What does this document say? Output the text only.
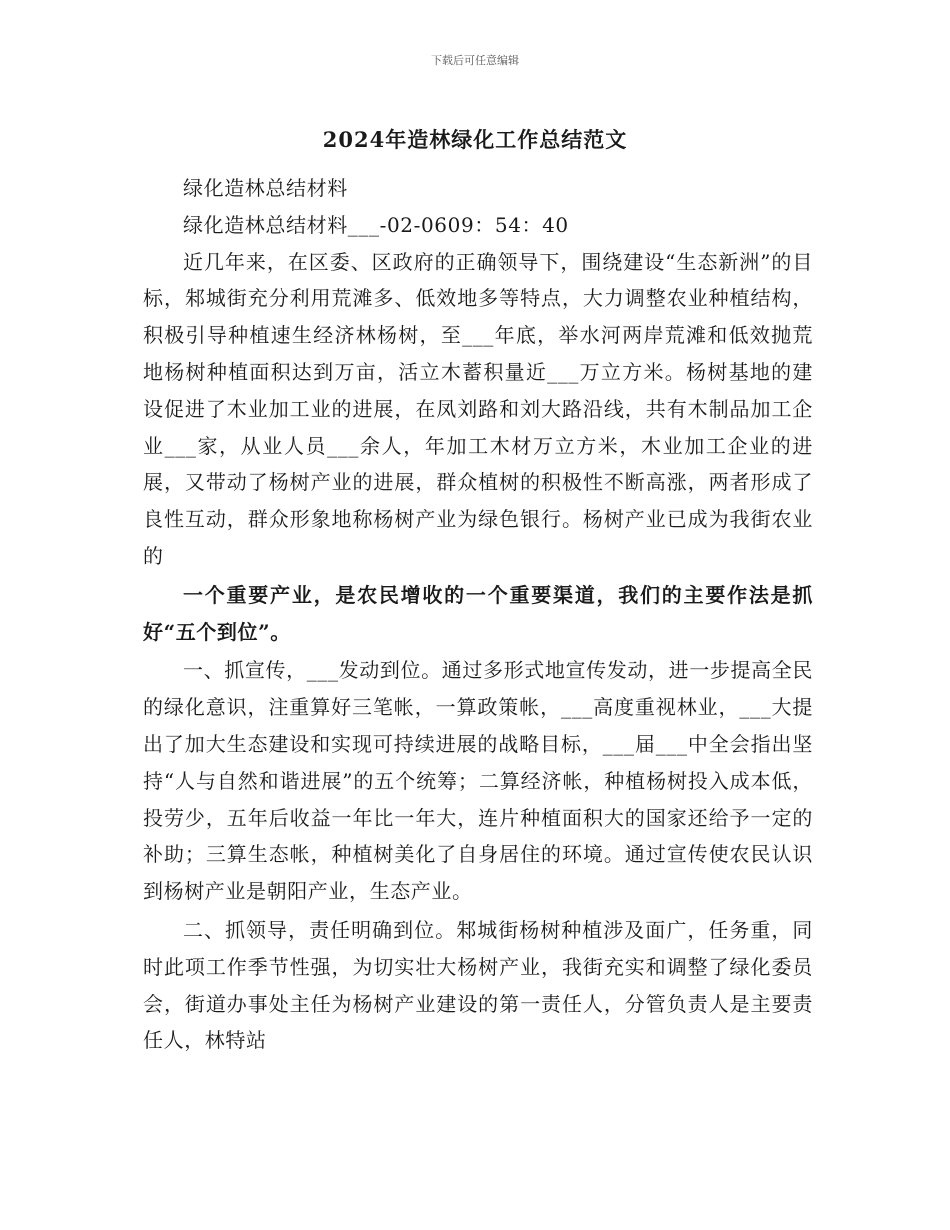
下载后可任意编辑
2024年造林绿化工作总结范文

绿化造林总结材料

绿化造林总结材料___-02-0609：54：40

近几年来，在区委、区政府的正确领导下，围绕建设“生态新洲”的目标，邾城街充分利用荒滩多、低效地多等特点，大力调整农业种植结构，积极引导种植速生经济林杨树，至___年底，举水河两岸荒滩和低效抛荒地杨树种植面积达到万亩，活立木蓄积量近___万立方米。杨树基地的建设促进了木业加工业的进展，在凤刘路和刘大路沿线，共有木制品加工企业___家，从业人员___余人，年加工木材万立方米，木业加工企业的进展，又带动了杨树产业的进展，群众植树的积极性不断高涨，两者形成了良性互动，群众形象地称杨树产业为绿色银行。杨树产业已成为我街农业的

一个重要产业，是农民增收的一个重要渠道，我们的主要作法是抓好“五个到位”。

一、抓宣传，___发动到位。通过多形式地宣传发动，进一步提高全民的绿化意识，注重算好三笔帐，一算政策帐，___高度重视林业，___大提出了加大生态建设和实现可持续进展的战略目标，___届___中全会指出坚持“人与自然和谐进展”的五个统筹；二算经济帐，种植杨树投入成本低，投劳少，五年后收益一年比一年大，连片种植面积大的国家还给予一定的补助；三算生态帐，种植树美化了自身居住的环境。通过宣传使农民认识到杨树产业是朝阳产业，生态产业。

二、抓领导，责任明确到位。邾城街杨树种植涉及面广，任务重，同时此项工作季节性强，为切实壮大杨树产业，我街充实和调整了绿化委员会，街道办事处主任为杨树产业建设的第一责任人，分管负责人是主要责任人，林特站
